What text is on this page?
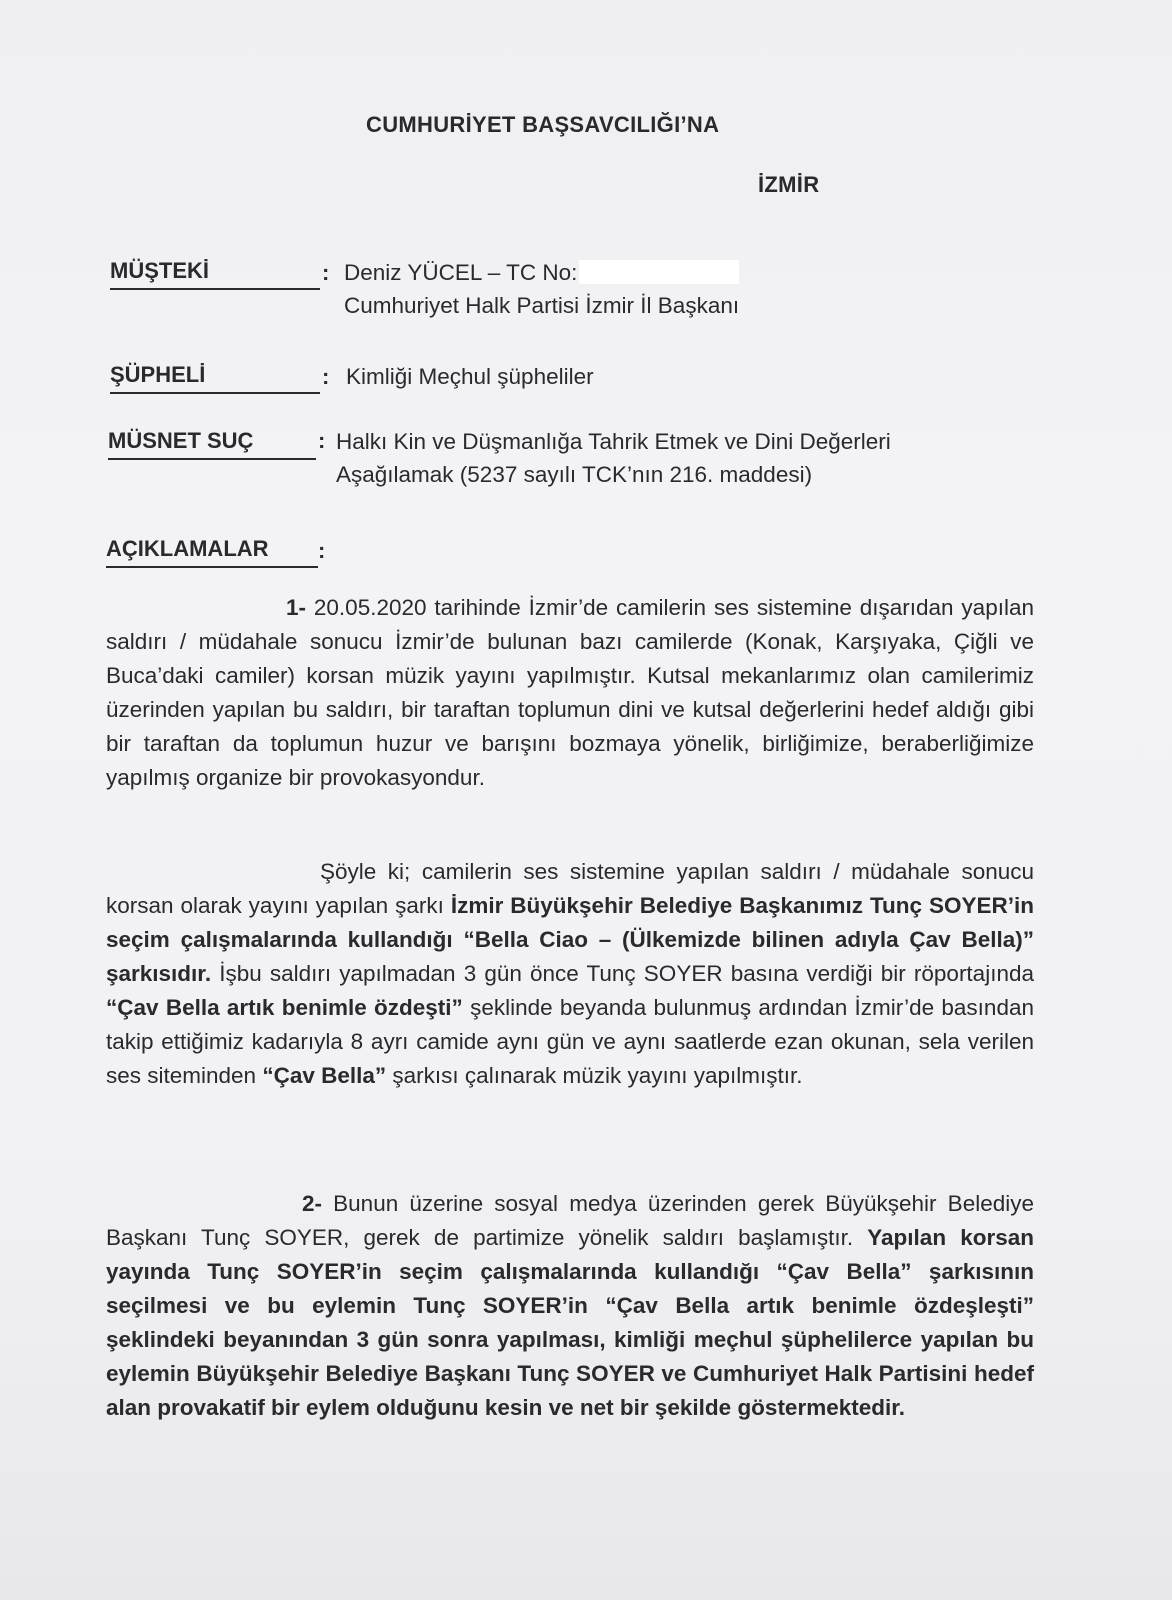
CUMHURİYET BAŞSAVCILIĞI’NA
İZMİR
MÜŞTEKİ	: Deniz YÜCEL – TC No:
Cumhuriyet Halk Partisi İzmir İl Başkanı
ŞÜPHELİ	: Kimliği Meçhul şüpheliler
MÜSNET SUÇ	: Halkı Kin ve Düşmanlığa Tahrik Etmek ve Dini Değerleri
Aşağılamak (5237 sayılı TCK’nın 216. maddesi)
AÇIKLAMALAR	:
1- 20.05.2020 tarihinde İzmir’de camilerin ses sistemine dışarıdan yapılan saldırı / müdahale sonucu İzmir’de bulunan bazı camilerde (Konak, Karşıyaka, Çiğli ve Buca’daki camiler) korsan müzik yayını yapılmıştır. Kutsal mekanlarımız olan camilerimiz üzerinden yapılan bu saldırı, bir taraftan toplumun dini ve kutsal değerlerini hedef aldığı gibi bir taraftan da toplumun huzur ve barışını bozmaya yönelik, birliğimize, beraberliğimize yapılmış organize bir provokasyondur.
Şöyle ki; camilerin ses sistemine yapılan saldırı / müdahale sonucu korsan olarak yayını yapılan şarkı İzmir Büyükşehir Belediye Başkanımız Tunç SOYER’in seçim çalışmalarında kullandığı “Bella Ciao – (Ülkemizde bilinen adıyla Çav Bella)” şarkısıdır. İşbu saldırı yapılmadan 3 gün önce Tunç SOYER basına verdiği bir röportajında “Çav Bella artık benimle özdeşti” şeklinde beyanda bulunmuş ardından İzmir’de basından takip ettiğimiz kadarıyla 8 ayrı camide aynı gün ve aynı saatlerde ezan okunan, sela verilen ses siteminden “Çav Bella” şarkısı çalınarak müzik yayını yapılmıştır.
2- Bunun üzerine sosyal medya üzerinden gerek Büyükşehir Belediye Başkanı Tunç SOYER, gerek de partimize yönelik saldırı başlamıştır. Yapılan korsan yayında Tunç SOYER’in seçim çalışmalarında kullandığı “Çav Bella” şarkısının seçilmesi ve bu eylemin Tunç SOYER’in “Çav Bella artık benimle özdeşleşti” şeklindeki beyanından 3 gün sonra yapılması, kimliği meçhul şüphelilerce yapılan bu eylemin Büyükşehir Belediye Başkanı Tunç SOYER ve Cumhuriyet Halk Partisini hedef alan provakatif bir eylem olduğunu kesin ve net bir şekilde göstermektedir.
